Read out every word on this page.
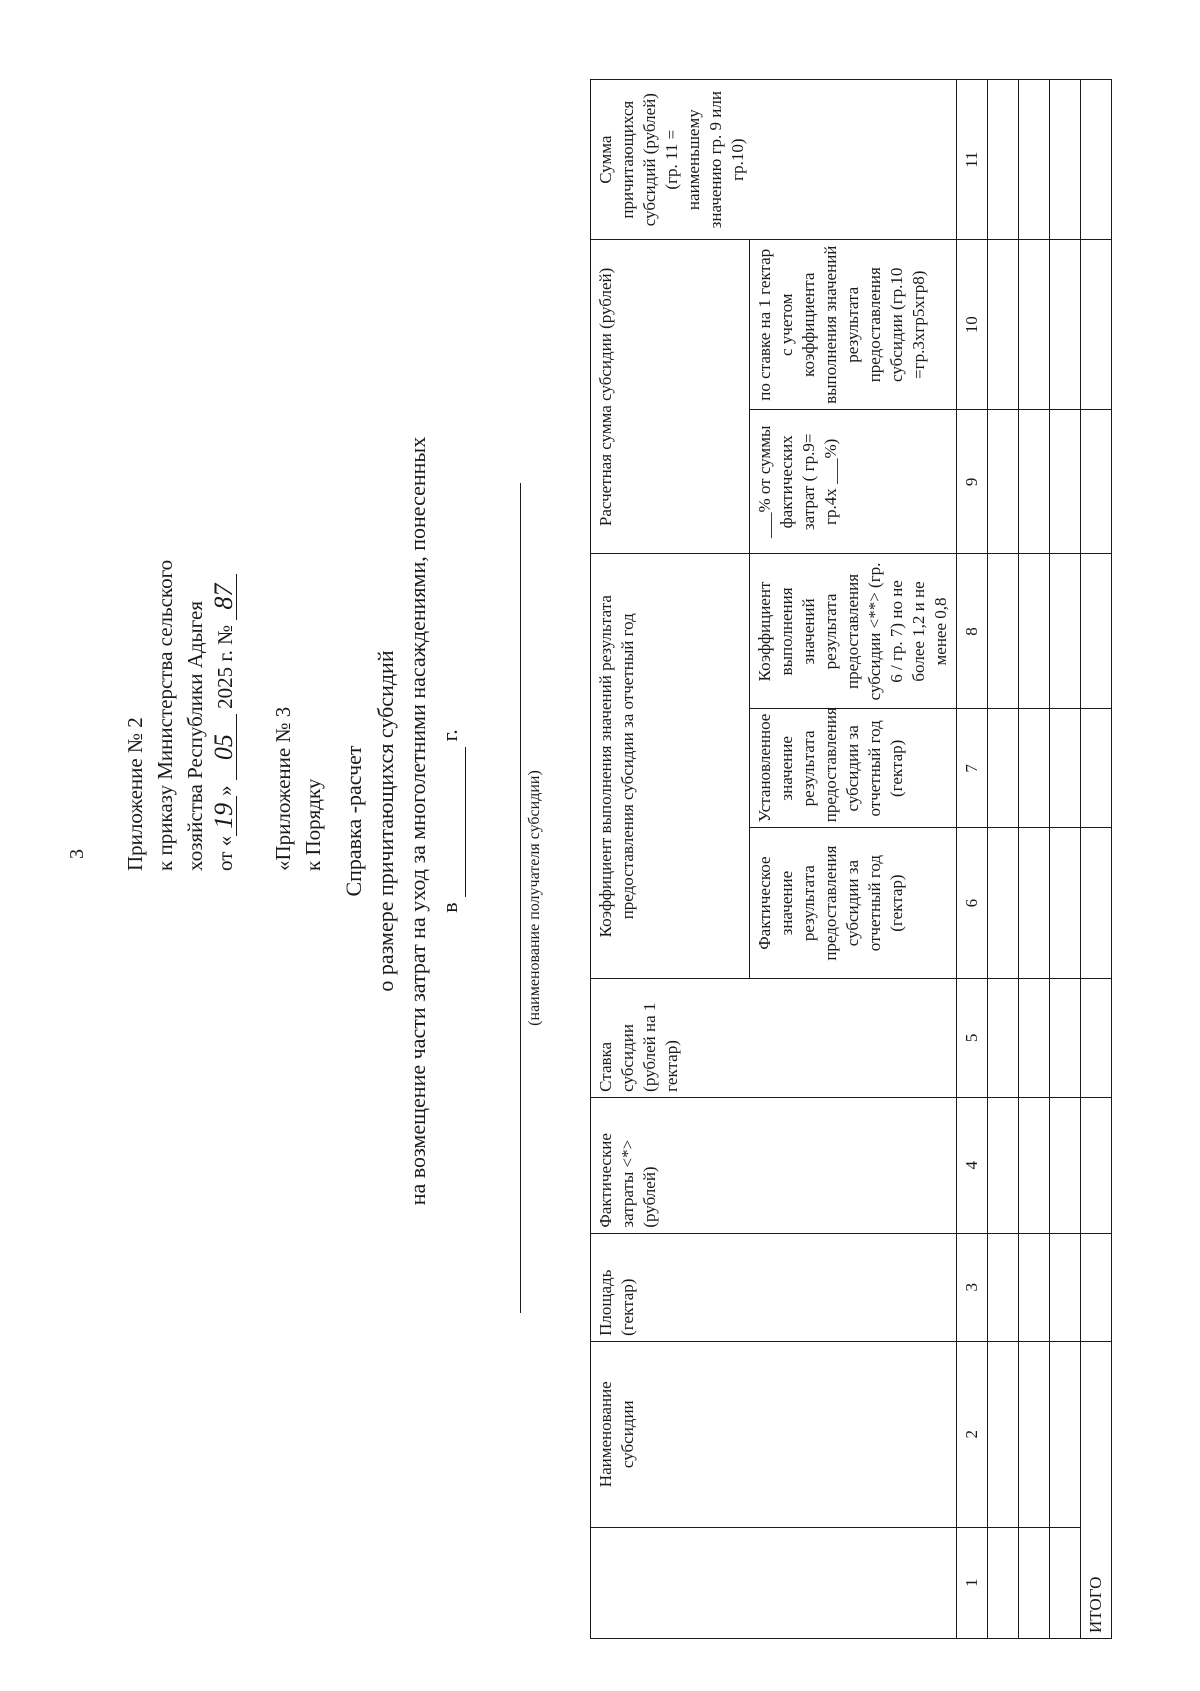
3 Приложение № 2 к приказу Министерства сельского хозяйства Республики Адыгея от «19» 05 2025 г. № 87
«Приложение № 3 к Порядку Справка -расчет о размере причитающихся субсидий на возмещение части затрат на уход за многолетними насаждениями, понесенных в  г.
(наименование получателя субсидии)
	Наименование субсидии	Площадь (гектар)	Фактические затраты <*> (рублей)	Ставка субсидии (рублей на 1 гектар)	Коэффициент выполнения значений результата предоставления субсидии за отчетный год			Расчетная сумма субсидии (рублей)		Сумма причитающихся субсидий (рублей) (гр. 11 = наименьшему значению гр. 9 или гр.10)
					Фактическое значение результата предоставления субсидии за отчетный год (гектар)	Установленное значение результата предоставления субсидии за отчетный год (гектар)	Коэффициент выполнения значений результата предоставления субсидии <**> (гр. 6 / гр. 7) но не более 1,2 и не менее 0,8	___% от суммы фактических затрат ( гр.9= гр.4х ___%)	по ставке на 1 гектар с учетом коэффициента выполнения значений результата предоставления субсидии (гр.10 =гр.3хгр5хгр8)	
1	2	3	4	5	6	7	8	9	10	11

ИТОГО										
